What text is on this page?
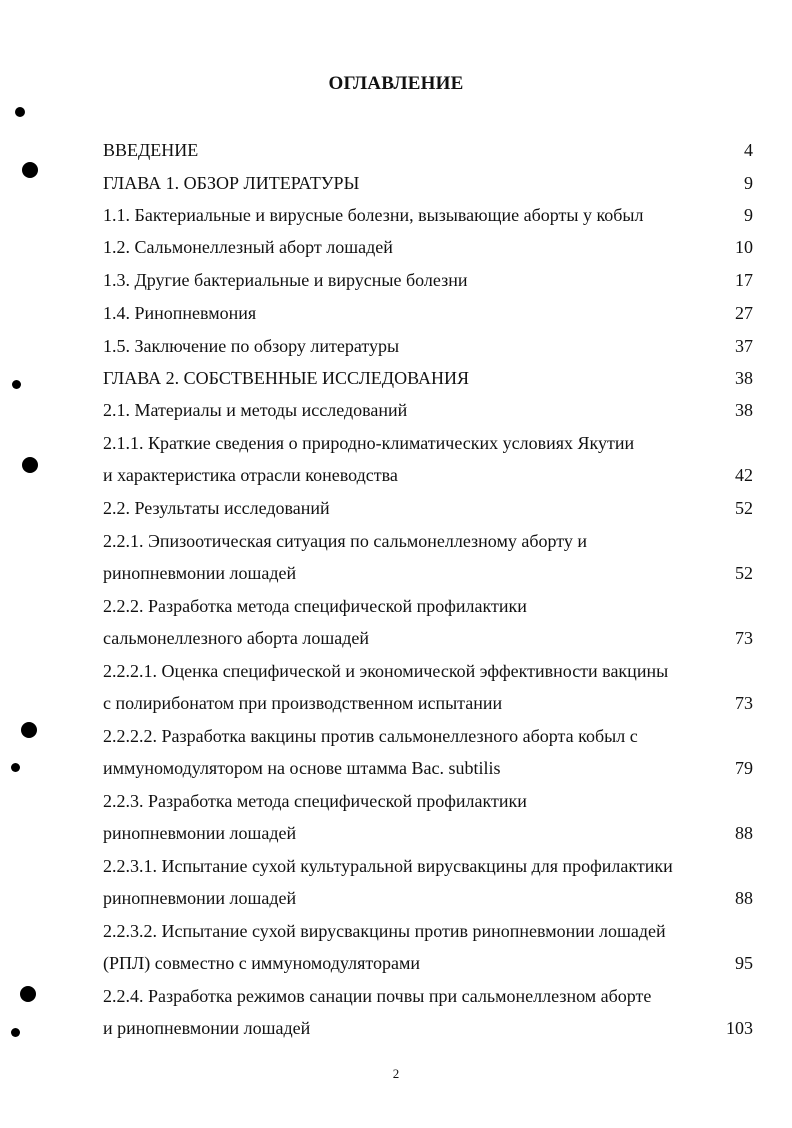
ОГЛАВЛЕНИЕ
ВВЕДЕНИЕ	4
ГЛАВА 1. ОБЗОР ЛИТЕРАТУРЫ	9
1.1. Бактериальные и вирусные болезни, вызывающие аборты у кобыл	9
1.2. Сальмонеллезный аборт лошадей	10
1.3. Другие бактериальные и вирусные болезни	17
1.4. Ринопневмония	27
1.5. Заключение по обзору литературы	37
ГЛАВА 2. СОБСТВЕННЫЕ ИССЛЕДОВАНИЯ	38
2.1. Материалы и методы исследований	38
2.1.1. Краткие сведения о природно-климатических условиях Якутии
и характеристика отрасли коневодства	42
2.2. Результаты исследований	52
2.2.1. Эпизоотическая ситуация по сальмонеллезному аборту и
ринопневмонии лошадей	52
2.2.2. Разработка метода специфической профилактики
сальмонеллезного аборта лошадей	73
2.2.2.1. Оценка специфической и экономической эффективности вакцины
с полирибонатом при производственном испытании	73
2.2.2.2. Разработка вакцины против сальмонеллезного аборта кобыл с
иммуномодулятором на основе штамма Bac. subtilis	79
2.2.3. Разработка метода специфической профилактики
ринопневмонии лошадей	88
2.2.3.1. Испытание сухой культуральной вирусвакцины для профилактики
ринопневмонии лошадей	88
2.2.3.2. Испытание сухой вирусвакцины против ринопневмонии лошадей
(РПЛ) совместно с иммуномодуляторами	95
2.2.4. Разработка режимов санации почвы при сальмонеллезном аборте
и ринопневмонии лошадей	103
2
